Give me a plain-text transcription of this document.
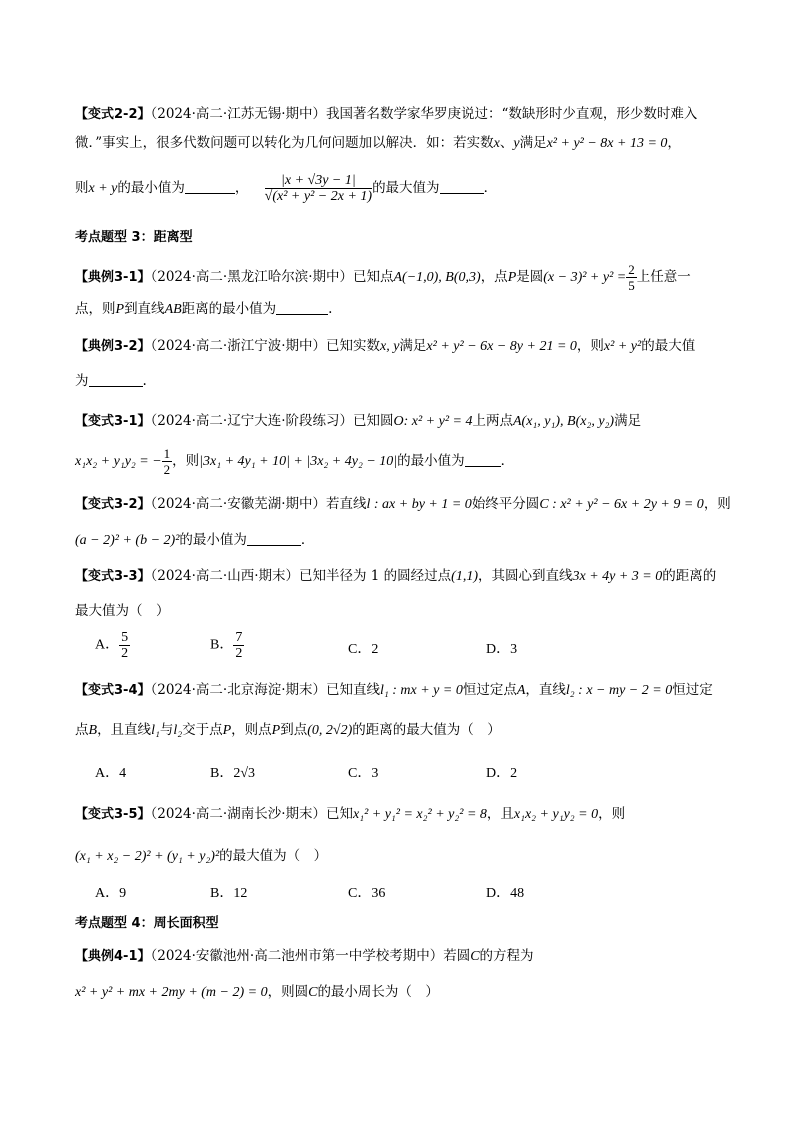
【变式2-2】（2024·高二·江苏无锡·期中）我国著名数学家华罗庚说过：“数缺形时少直观，形少数时难入
微．”事实上，很多代数问题可以转化为几何问题加以解决．如：若实数x、y满足x² + y² − 8x + 13 = 0，
则x + y的最小值为	， $\frac{|x + √3y - 1|}{\text{√(x² + y² − 2x + 1)}}$ 的最大值为	．
考点题型 3：距离型
【典例3-1】（2024·高二·黑龙江哈尔滨·期中）已知点A(−1,0), B(0,3)，点P是圆$(x - 3)^2 + y^2 = \frac{2}{5}$ 上任意一
点，则P到直线AB距离的最小值为	.
【典例3-2】（2024·高二·浙江宁波·期中）已知实数x, y满足x² + y² − 6x − 8y + 21 = 0，则x² + y²的最大值
为	.
【变式3-1】（2024·高二·辽宁大连·阶段练习）已知圆O: x² + y² = 4上两点A(x₁, y₁), B(x₂, y₂)满足
x₁x₂ + y₁y₂ = − $\frac{1}{2}$ ，则|3x₁ + 4y₁ + 10| + |3x₂ + 4y₂ − 10|的最小值为	．
【变式3-2】（2024·高二·安徽芜湖·期中）若直线l : ax + by + 1 = 0始终平分圆C : x² + y² − 6x + 2y + 9 = 0，则
(a − 2)² + (b − 2)²的最小值为	．
【变式3-3】（2024·高二·山西·期末）已知半径为 1 的圆经过点(1,1)，其圆心到直线3x + 4y + 3 = 0的距离的
最大值为（　）
A． $\frac{5}{2}$	B． $\frac{7}{2}$	C．2	D．3
【变式3-4】（2024·高二·北京海淀·期末）已知直线l₁ : mx + y = 0恒过定点A，直线l₂ : x − my − 2 = 0恒过定
点B，且直线l₁与l₂交于点P，则点P到点(0, 2√2)的距离的最大值为（　）
A．4	B．2√3	C．3	D．2
【变式3-5】（2024·高二·湖南长沙·期末）已知x₁² + y₁² = x₂² + y₂² = 8，且x₁x₂ + y₁y₂ = 0，则
(x₁ + x₂ − 2)² + (y₁ + y₂)²的最大值为（　）
A．9	B．12	C．36	D．48
考点题型 4：周长面积型
【典例4-1】（2024·安徽池州·高二池州市第一中学校考期中）若圆C的方程为
x² + y² + mx + 2my + (m − 2) = 0，则圆C的最小周长为（　）
